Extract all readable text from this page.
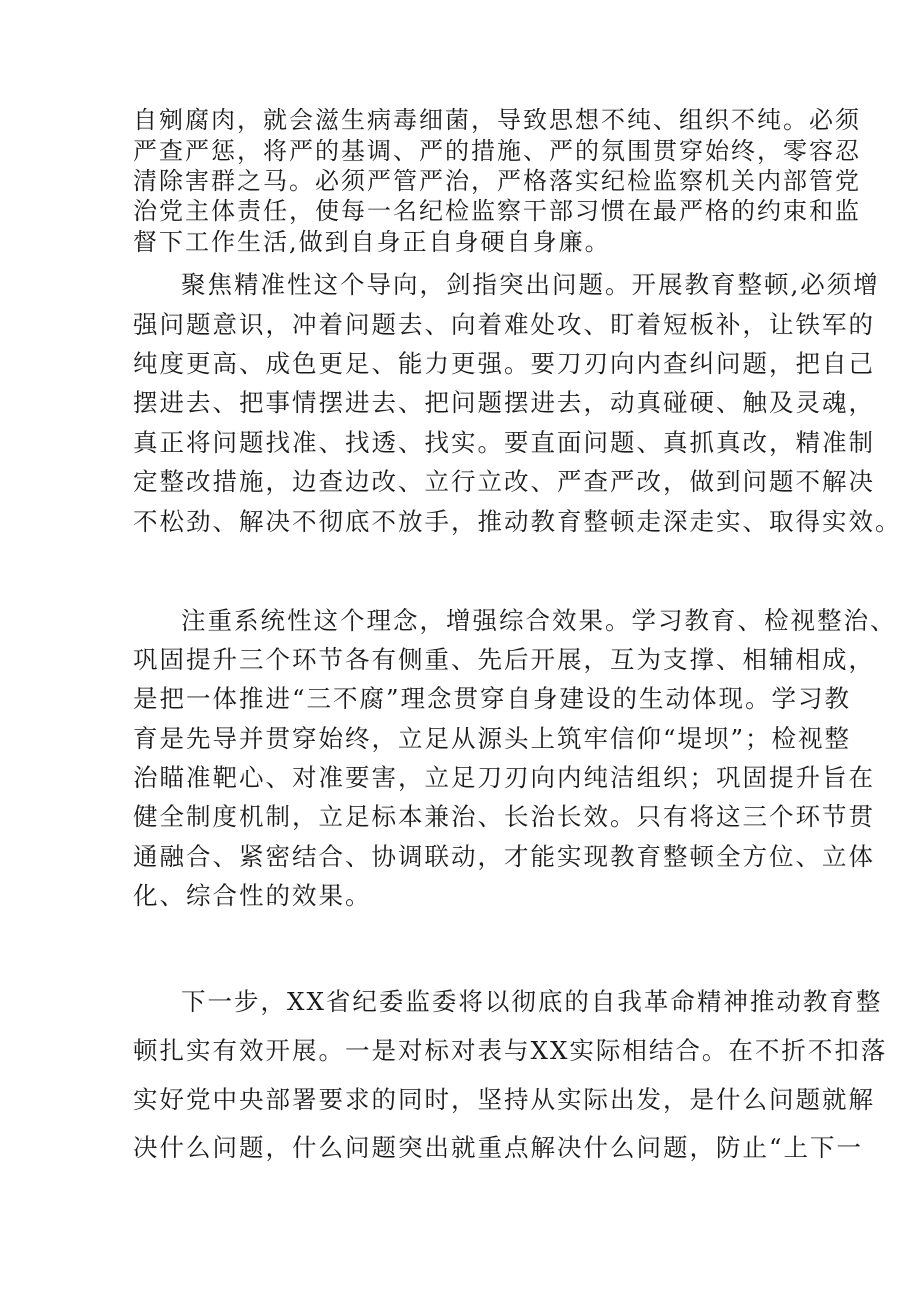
自剜腐肉，就会滋生病毒细菌，导致思想不纯、组织不纯。必须
严查严惩，将严的基调、严的措施、严的氛围贯穿始终，零容忍
清除害群之马。必须严管严治，严格落实纪检监察机关内部管党
治党主体责任，使每一名纪检监察干部习惯在最严格的约束和监
督下工作生活,做到自身正自身硬自身廉。
聚焦精准性这个导向，剑指突出问题。开展教育整顿,必须增
强问题意识，冲着问题去、向着难处攻、盯着短板补，让铁军的
纯度更高、成色更足、能力更强。要刀刃向内查纠问题，把自己
摆进去、把事情摆进去、把问题摆进去，动真碰硬、触及灵魂，
真正将问题找准、找透、找实。要直面问题、真抓真改，精准制
定整改措施，边查边改、立行立改、严查严改，做到问题不解决
不松劲、解决不彻底不放手，推动教育整顿走深走实、取得实效。
注重系统性这个理念，增强综合效果。学习教育、检视整治、
巩固提升三个环节各有侧重、先后开展，互为支撑、相辅相成，
是把一体推进“三不腐”理念贯穿自身建设的生动体现。学习教
育是先导并贯穿始终，立足从源头上筑牢信仰“堤坝”；检视整
治瞄准靶心、对准要害，立足刀刃向内纯洁组织；巩固提升旨在
健全制度机制，立足标本兼治、长治长效。只有将这三个环节贯
通融合、紧密结合、协调联动，才能实现教育整顿全方位、立体
化、综合性的效果。
下一步，XX省纪委监委将以彻底的自我革命精神推动教育整
顿扎实有效开展。一是对标对表与XX实际相结合。在不折不扣落
实好党中央部署要求的同时，坚持从实际出发，是什么问题就解
决什么问题，什么问题突出就重点解决什么问题，防止“上下一
